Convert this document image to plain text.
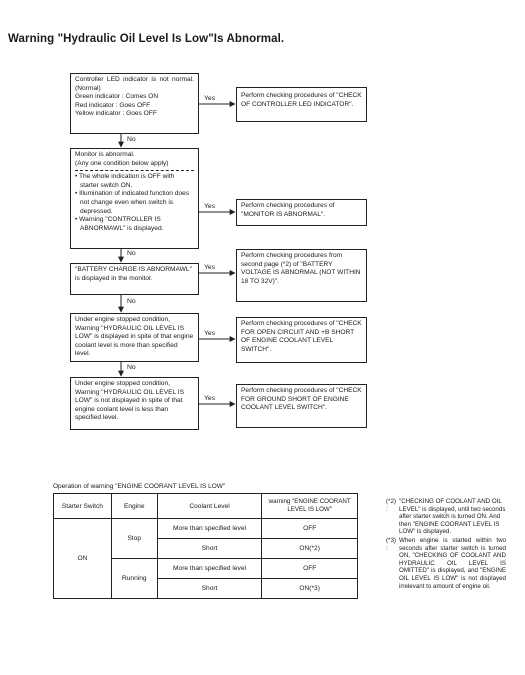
Warning "Hydraulic Oil Level Is Low"Is Abnormal.

Controller LED indicator is not normal.

(Normal)

Green indicator : Comes ON

Red indicator : Goes OFF

Yellow indicator : Goes OFF

Yes	Perform checking procedures of "CHECK OF CONTROLLER LED INDICATOR".

No

Monitor is abnormal.

(Any one condition below apply)

• The whole indication is OFF with starter switch ON.
• Illumination of indicated function does not change even when switch is depressed.
• Warning "CONTROLLER IS ABNORMAWL" is displayed.
Yes	Perform checking procedures of "MONITOR IS ABNORMAL".

No

"BATTERY CHARGE IS ABNORMAWL" is displayed in the monitor.

Yes

Perform checking procedures from second page (*2) of "BATTERY VOLTAGE IS ABNORMAL (NOT WITHIN 18 TO 32V)".

No

Under engine stopped condition, Warning "HYDRAULIC OIL LEVEL IS LOW" is displayed in spite of that engine coolant level is more than specified level.

Yes

Perform checking procedures of "CHECK FOR OPEN CIRCUIT AND +B SHORT OF ENGINE COOLANT LEVEL SWITCH".

No

Under engine stopped condition, Warning "HYDRAULIC OIL LEVEL IS LOW" is not displayed in spite of that engine coolant level is less than specified level.

Yes

Perform checking procedures of "CHECK FOR GROUND SHORT OF ENGINE COOLANT LEVEL SWITCH".

Operation of warning "ENGINE COORANT LEVEL IS LOW"
Starter Switch	Engine	Coolant Level	warning "ENGINE COORANT LEVEL IS LOW"
ON	Stop	More than specified level	OFF
		Short	ON(*2)
	Running	More than specified level	OFF
		Short	ON(*3)
(*2) :
"CHECKING OF COOLANT AND OIL LEVEL" is displayed, until two seconds after starter switch is turned ON. And then "ENGINE COORANT LEVEL IS LOW" is displayed.
(*3) :
When engine is started within two seconds after starter switch is turned ON, "CHECKING OF COOLANT AND HYDRAULIC OIL LEVEL IS OMITTED" is displayed, and "ENGINE OIL LEVEL IS LOW" is not displayed irrelevant to amount of engine oil.
